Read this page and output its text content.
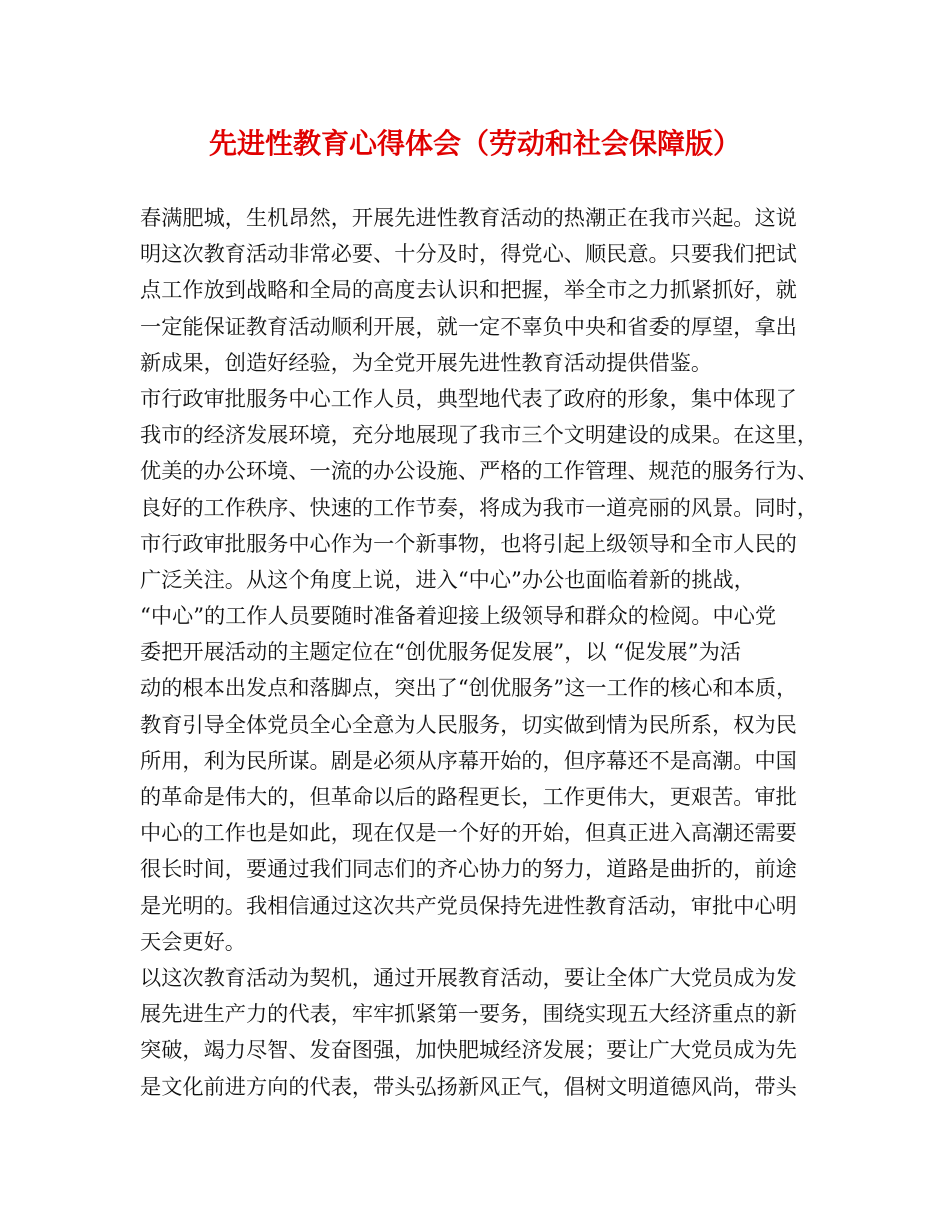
先进性教育心得体会（劳动和社会保障版）
春满肥城，生机昂然，开展先进性教育活动的热潮正在我市兴起。这说
明这次教育活动非常必要、十分及时，得党心、顺民意。只要我们把试
点工作放到战略和全局的高度去认识和把握，举全市之力抓紧抓好，就
一定能保证教育活动顺利开展，就一定不辜负中央和省委的厚望，拿出
新成果，创造好经验，为全党开展先进性教育活动提供借鉴。
市行政审批服务中心工作人员，典型地代表了政府的形象，集中体现了
我市的经济发展环境，充分地展现了我市三个文明建设的成果。在这里，
优美的办公环境、一流的办公设施、严格的工作管理、规范的服务行为、
良好的工作秩序、快速的工作节奏，将成为我市一道亮丽的风景。同时，
市行政审批服务中心作为一个新事物，也将引起上级领导和全市人民的
广泛关注。从这个角度上说，进入“中心”办公也面临着新的挑战，
“中心”的工作人员要随时准备着迎接上级领导和群众的检阅。中心党
委把开展活动的主题定位在“创优服务促发展”，以 “促发展”为活
动的根本出发点和落脚点，突出了“创优服务”这一工作的核心和本质，
教育引导全体党员全心全意为人民服务，切实做到情为民所系，权为民
所用，利为民所谋。剧是必须从序幕开始的，但序幕还不是高潮。中国
的革命是伟大的，但革命以后的路程更长，工作更伟大，更艰苦。审批
中心的工作也是如此，现在仅是一个好的开始，但真正进入高潮还需要
很长时间，要通过我们同志们的齐心协力的努力，道路是曲折的，前途
是光明的。我相信通过这次共产党员保持先进性教育活动，审批中心明
天会更好。
以这次教育活动为契机，通过开展教育活动，要让全体广大党员成为发
展先进生产力的代表，牢牢抓紧第一要务，围绕实现五大经济重点的新
突破，竭力尽智、发奋图强，加快肥城经济发展；要让广大党员成为先
是文化前进方向的代表，带头弘扬新风正气，倡树文明道德风尚，带头
